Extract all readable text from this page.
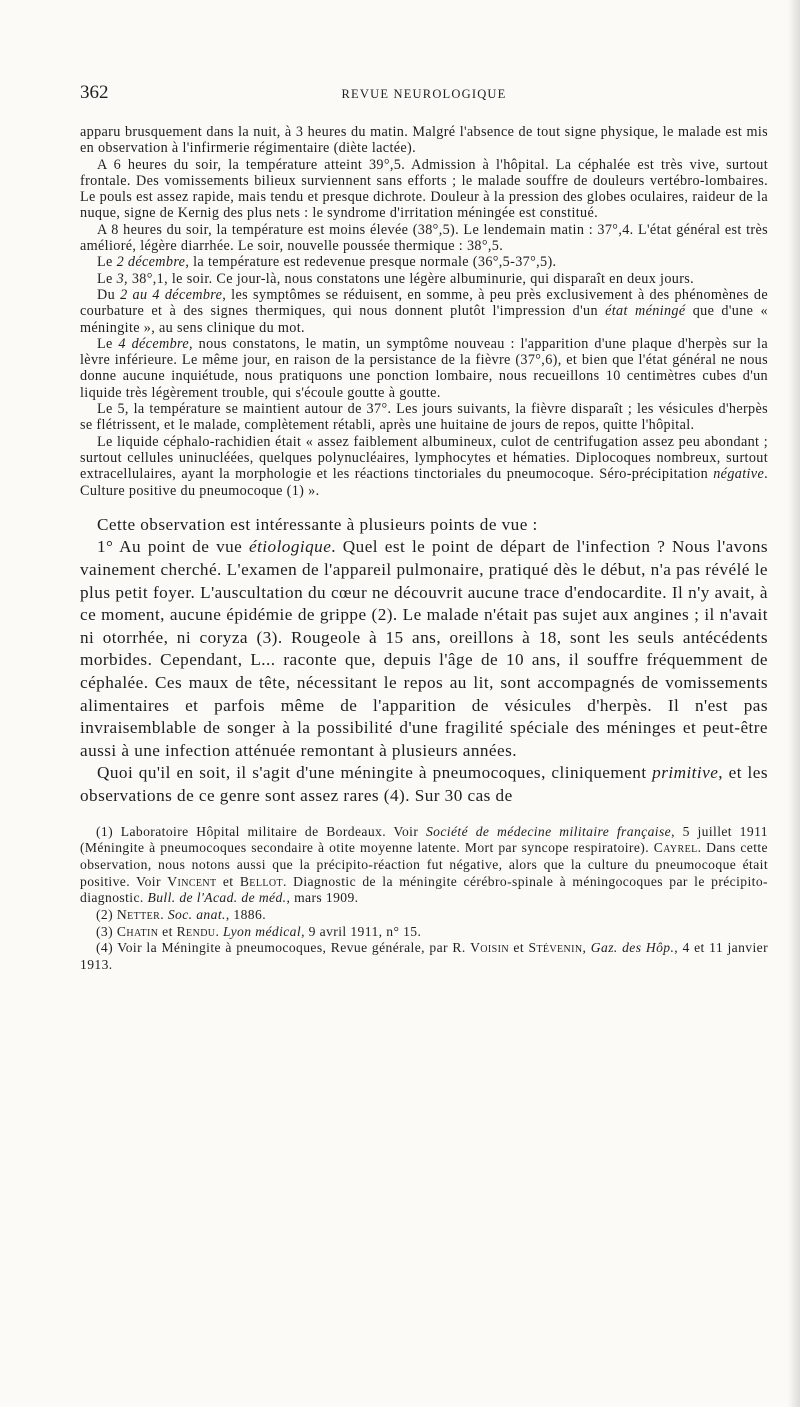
362	REVUE NEUROLOGIQUE

apparu brusquement dans la nuit, à 3 heures du matin. Malgré l'absence de tout signe physique, le malade est mis en observation à l'infirmerie régimentaire (diète lactée).

A 6 heures du soir, la température atteint 39°,5. Admission à l'hôpital. La céphalée est très vive, surtout frontale. Des vomissements bilieux surviennent sans efforts ; le malade souffre de douleurs vertébro-lombaires. Le pouls est assez rapide, mais tendu et presque dichrote. Douleur à la pression des globes oculaires, raideur de la nuque, signe de Kernig des plus nets : le syndrome d'irritation méningée est constitué.

A 8 heures du soir, la température est moins élevée (38°,5). Le lendemain matin : 37°,4. L'état général est très amélioré, légère diarrhée. Le soir, nouvelle poussée thermique : 38°,5.

Le 2 décembre, la température est redevenue presque normale (36°,5-37°,5).

Le 3, 38°,1, le soir. Ce jour-là, nous constatons une légère albuminurie, qui disparaît en deux jours.

Du 2 au 4 décembre, les symptômes se réduisent, en somme, à peu près exclusivement à des phénomènes de courbature et à des signes thermiques, qui nous donnent plutôt l'impression d'un état méningé que d'une « méningite », au sens clinique du mot.

Le 4 décembre, nous constatons, le matin, un symptôme nouveau : l'apparition d'une plaque d'herpès sur la lèvre inférieure. Le même jour, en raison de la persistance de la fièvre (37°,6), et bien que l'état général ne nous donne aucune inquiétude, nous pratiquons une ponction lombaire, nous recueillons 10 centimètres cubes d'un liquide très légèrement trouble, qui s'écoule goutte à goutte.

Le 5, la température se maintient autour de 37°. Les jours suivants, la fièvre disparaît ; les vésicules d'herpès se flétrissent, et le malade, complètement rétabli, après une huitaine de jours de repos, quitte l'hôpital.

Le liquide céphalo-rachidien était « assez faiblement albumineux, culot de centrifugation assez peu abondant ; surtout cellules uninucléées, quelques polynucléaires, lymphocytes et hématies. Diplocoques nombreux, surtout extracellulaires, ayant la morphologie et les réactions tinctoriales du pneumocoque. Séro-précipitation négative. Culture positive du pneumocoque (1) ».

Cette observation est intéressante à plusieurs points de vue :

1° Au point de vue étiologique. Quel est le point de départ de l'infection ? Nous l'avons vainement cherché. L'examen de l'appareil pulmonaire, pratiqué dès le début, n'a pas révélé le plus petit foyer. L'auscultation du cœur ne découvrit aucune trace d'endocardite. Il n'y avait, à ce moment, aucune épidémie de grippe (2). Le malade n'était pas sujet aux angines ; il n'avait ni otorrhée, ni coryza (3). Rougeole à 15 ans, oreillons à 18, sont les seuls antécédents morbides. Cependant, L... raconte que, depuis l'âge de 10 ans, il souffre fréquemment de céphalée. Ces maux de tête, nécessitant le repos au lit, sont accompagnés de vomissements alimentaires et parfois même de l'apparition de vésicules d'herpès. Il n'est pas invraisemblable de songer à la possibilité d'une fragilité spéciale des méninges et peut-être aussi à une infection atténuée remontant à plusieurs années.

Quoi qu'il en soit, il s'agit d'une méningite à pneumocoques, cliniquement primitive, et les observations de ce genre sont assez rares (4). Sur 30 cas de

(1) Laboratoire Hôpital militaire de Bordeaux. Voir Société de médecine militaire française, 5 juillet 1911 (Méningite à pneumocoques secondaire à otite moyenne latente. Mort par syncope respiratoire). Cayrel. Dans cette observation, nous notons aussi que la précipito-réaction fut négative, alors que la culture du pneumocoque était positive. Voir Vincent et Bellot. Diagnostic de la méningite cérébro-spinale à méningocoques par le précipito-diagnostic. Bull. de l'Acad. de méd., mars 1909.

(2) Netter. Soc. anat., 1886.

(3) Chatin et Rendu. Lyon médical, 9 avril 1911, n° 15.

(4) Voir la Méningite à pneumocoques, Revue générale, par R. Voisin et Stévenin, Gaz. des Hôp., 4 et 11 janvier 1913.
